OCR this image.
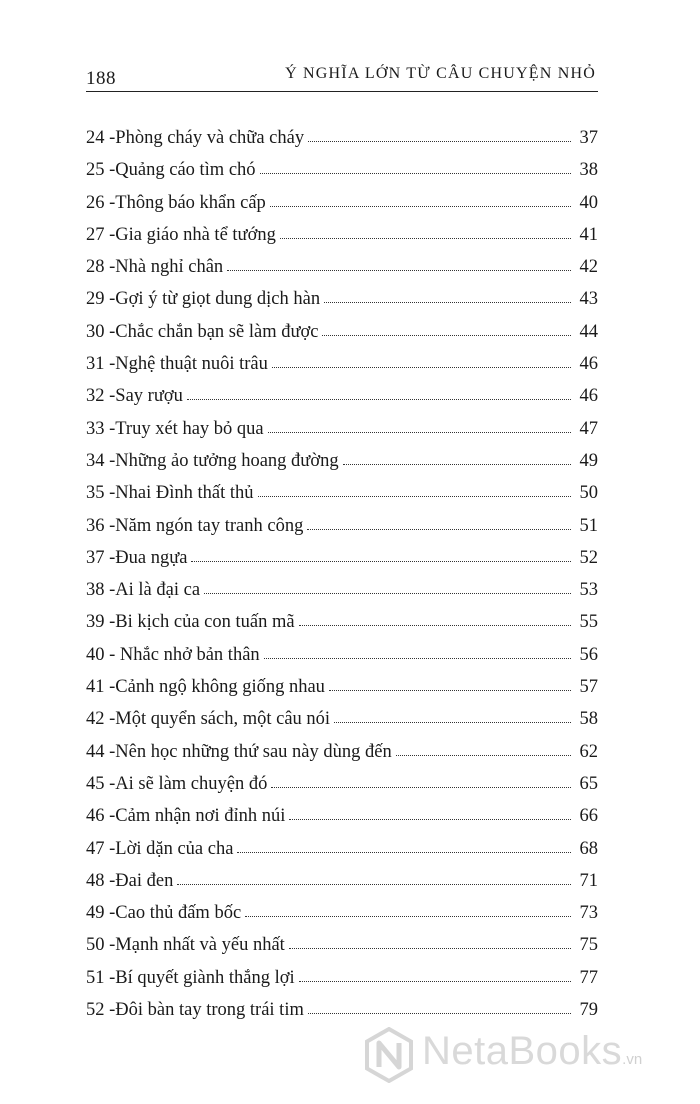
188	Ý NGHĨA LỚN TỪ CÂU CHUYỆN NHỎ
24 -Phòng cháy và chữa cháy	37
25 -Quảng cáo tìm chó	38
26 -Thông báo khẩn cấp	40
27 -Gia giáo nhà tể tướng	41
28 -Nhà nghỉ chân	42
29 -Gợi ý từ giọt dung dịch hàn	43
30 -Chắc chắn bạn sẽ làm được	44
31 -Nghệ thuật nuôi trâu	46
32 -Say rượu	46
33 -Truy xét hay bỏ qua	47
34 -Những ảo tưởng hoang đường	49
35 -Nhai Đình thất thủ	50
36 -Năm ngón tay tranh công	51
37 -Đua ngựa	52
38 -Ai là đại ca	53
39 -Bi kịch của con tuấn mã	55
40 - Nhắc nhở bản thân	56
41 -Cảnh ngộ không giống nhau	57
42 -Một quyển sách, một câu nói	58
44 -Nên học những thứ sau này dùng đến	62
45 -Ai sẽ làm chuyện đó	65
46 -Cảm nhận nơi đỉnh núi	66
47 -Lời dặn của cha	68
48 -Đai đen	71
49 -Cao thủ đấm bốc	73
50 -Mạnh nhất và yếu nhất	75
51 -Bí quyết giành thắng lợi	77
52 -Đôi bàn tay trong trái tim	79
NetaBooks.vn
